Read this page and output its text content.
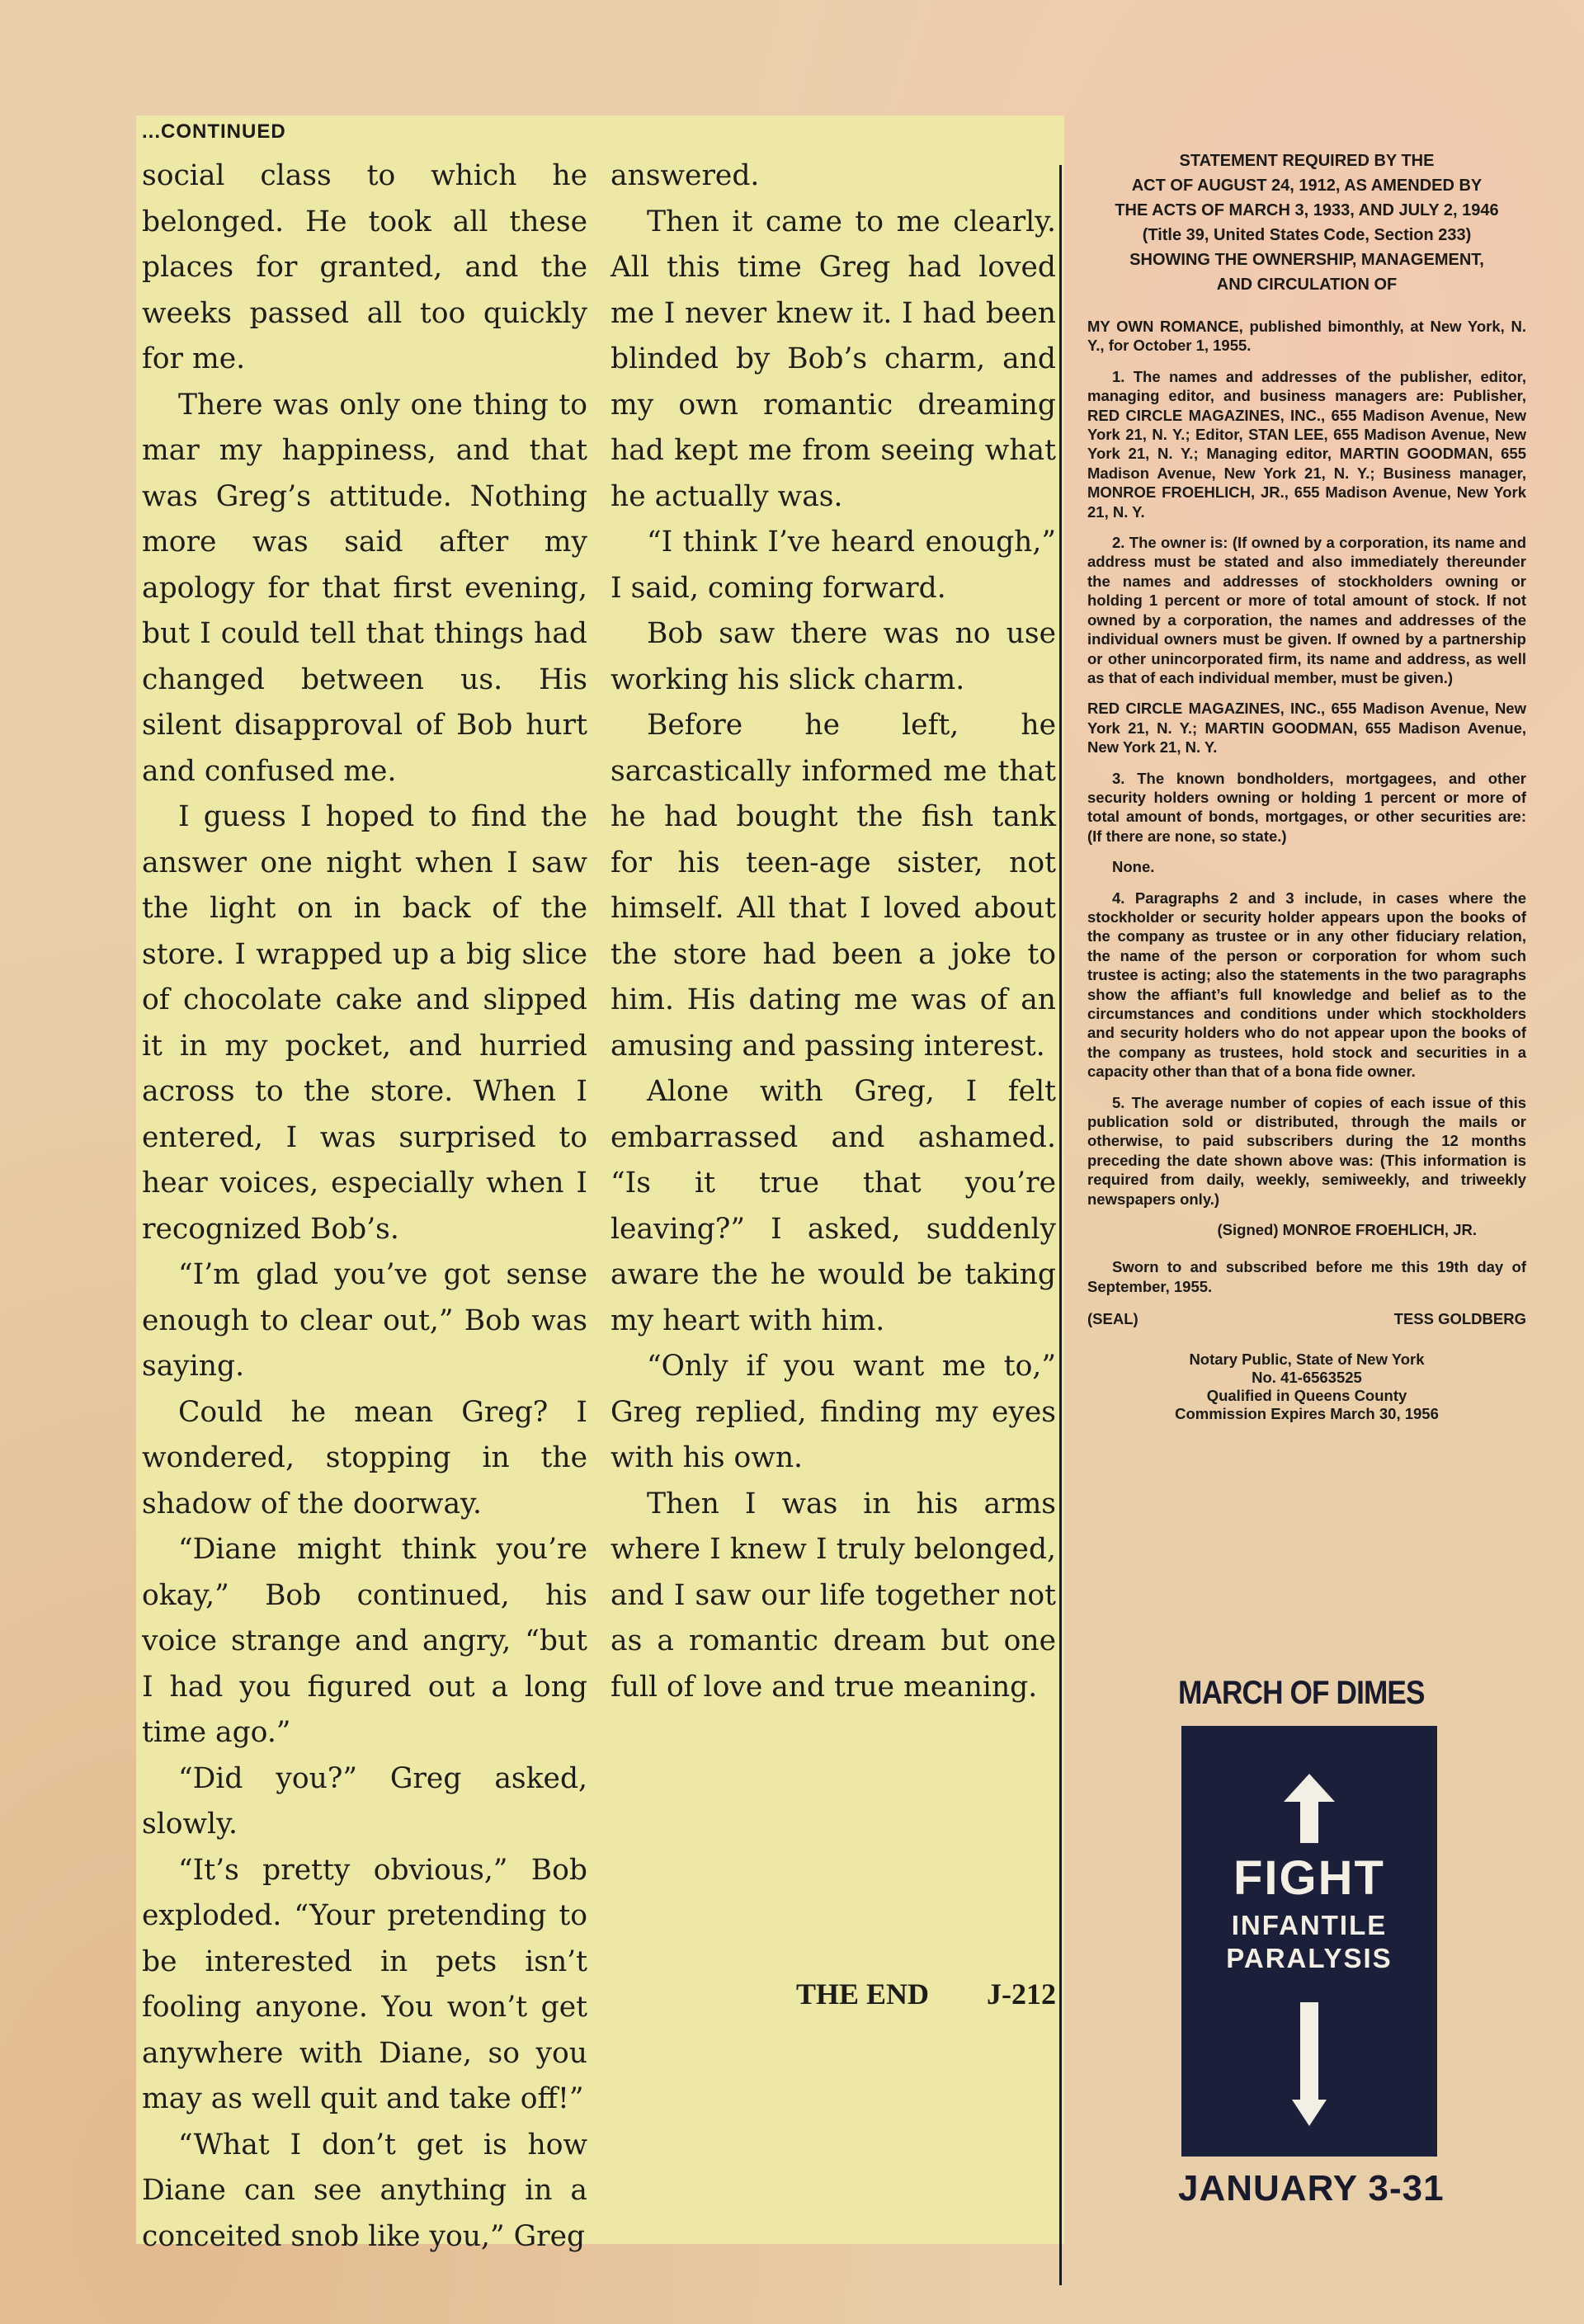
...CONTINUED

social class to which he belonged. He took all these places for granted, and the weeks passed all too quickly for me.

There was only one thing to mar my happiness, and that was Greg’s attitude. Nothing more was said after my apology for that first evening, but I could tell that things had changed between us. His silent disapproval of Bob hurt and confused me.

I guess I hoped to find the answer one night when I saw the light on in back of the store. I wrapped up a big slice of chocolate cake and slipped it in my pocket, and hurried across to the store. When I entered, I was surprised to hear voices, especially when I recognized Bob’s.

“I’m glad you’ve got sense enough to clear out,” Bob was saying.

Could he mean Greg? I wondered, stopping in the shadow of the doorway.

“Diane might think you’re okay,” Bob continued, his voice strange and angry, “but I had you figured out a long time ago.”

“Did you?” Greg asked, slowly.

“It’s pretty obvious,” Bob exploded. “Your pretending to be interested in pets isn’t fooling anyone. You won’t get anywhere with Diane, so you may as well quit and take off!”

“What I don’t get is how Diane can see anything in a conceited snob like you,” Greg

answered.

Then it came to me clearly. All this time Greg had loved me I never knew it. I had been blinded by Bob’s charm, and my own romantic dreaming had kept me from seeing what he actually was.

“I think I’ve heard enough,” I said, coming forward.

Bob saw there was no use working his slick charm.

Before he left, he sarcastically informed me that he had bought the fish tank for his teen-age sister, not himself. All that I loved about the store had been a joke to him. His dating me was of an amusing and passing interest.

Alone with Greg, I felt embarrassed and ashamed. “Is it true that you’re leaving?” I asked, suddenly aware the he would be taking my heart with him.

“Only if you want me to,” Greg replied, finding my eyes with his own.

Then I was in his arms where I knew I truly belonged, and I saw our life together not as a romantic dream but one full of love and true meaning.

THE END J-212
STATEMENT REQUIRED BY THE
ACT OF AUGUST 24, 1912, AS AMENDED BY
THE ACTS OF MARCH 3, 1933, AND JULY 2, 1946
(Title 39, United States Code, Section 233)
SHOWING THE OWNERSHIP, MANAGEMENT,
AND CIRCULATION OF

MY OWN ROMANCE, published bimonthly, at New York, N. Y., for October 1, 1955.

1. The names and addresses of the publisher, editor, managing editor, and business managers are: Publisher, RED CIRCLE MAGAZINES, INC., 655 Madison Avenue, New York 21, N. Y.; Editor, STAN LEE, 655 Madison Avenue, New York 21, N. Y.; Managing editor, MARTIN GOODMAN, 655 Madison Avenue, New York 21, N. Y.; Business manager, MONROE FROEHLICH, JR., 655 Madison Avenue, New York 21, N. Y.

2. The owner is: (If owned by a corporation, its name and address must be stated and also immediately thereunder the names and addresses of stockholders owning or holding 1 percent or more of total amount of stock. If not owned by a corporation, the names and addresses of the individual owners must be given. If owned by a partnership or other unincorporated firm, its name and address, as well as that of each individual member, must be given.)

RED CIRCLE MAGAZINES, INC., 655 Madison Avenue, New York 21, N. Y.; MARTIN GOODMAN, 655 Madison Avenue, New York 21, N. Y.

3. The known bondholders, mortgagees, and other security holders owning or holding 1 percent or more of total amount of bonds, mortgages, or other securities are: (If there are none, so state.)

None.

4. Paragraphs 2 and 3 include, in cases where the stockholder or security holder appears upon the books of the company as trustee or in any other fiduciary relation, the name of the person or corporation for whom such trustee is acting; also the statements in the two paragraphs show the affiant’s full knowledge and belief as to the circumstances and conditions under which stockholders and security holders who do not appear upon the books of the company as trustees, hold stock and securities in a capacity other than that of a bona fide owner.

5. The average number of copies of each issue of this publication sold or distributed, through the mails or otherwise, to paid subscribers during the 12 months preceding the date shown above was: (This information is required from daily, weekly, semiweekly, and triweekly newspapers only.)

(Signed) MONROE FROEHLICH, JR.

Sworn to and subscribed before me this 19th day of September, 1955.

(SEAL)	TESS GOLDBERG
Notary Public, State of New York
No. 41-6563525
Qualified in Queens County
Commission Expires March 30, 1956
MARCH OF DIMES
FIGHT
INFANTILE
PARALYSIS
JANUARY 3-31
